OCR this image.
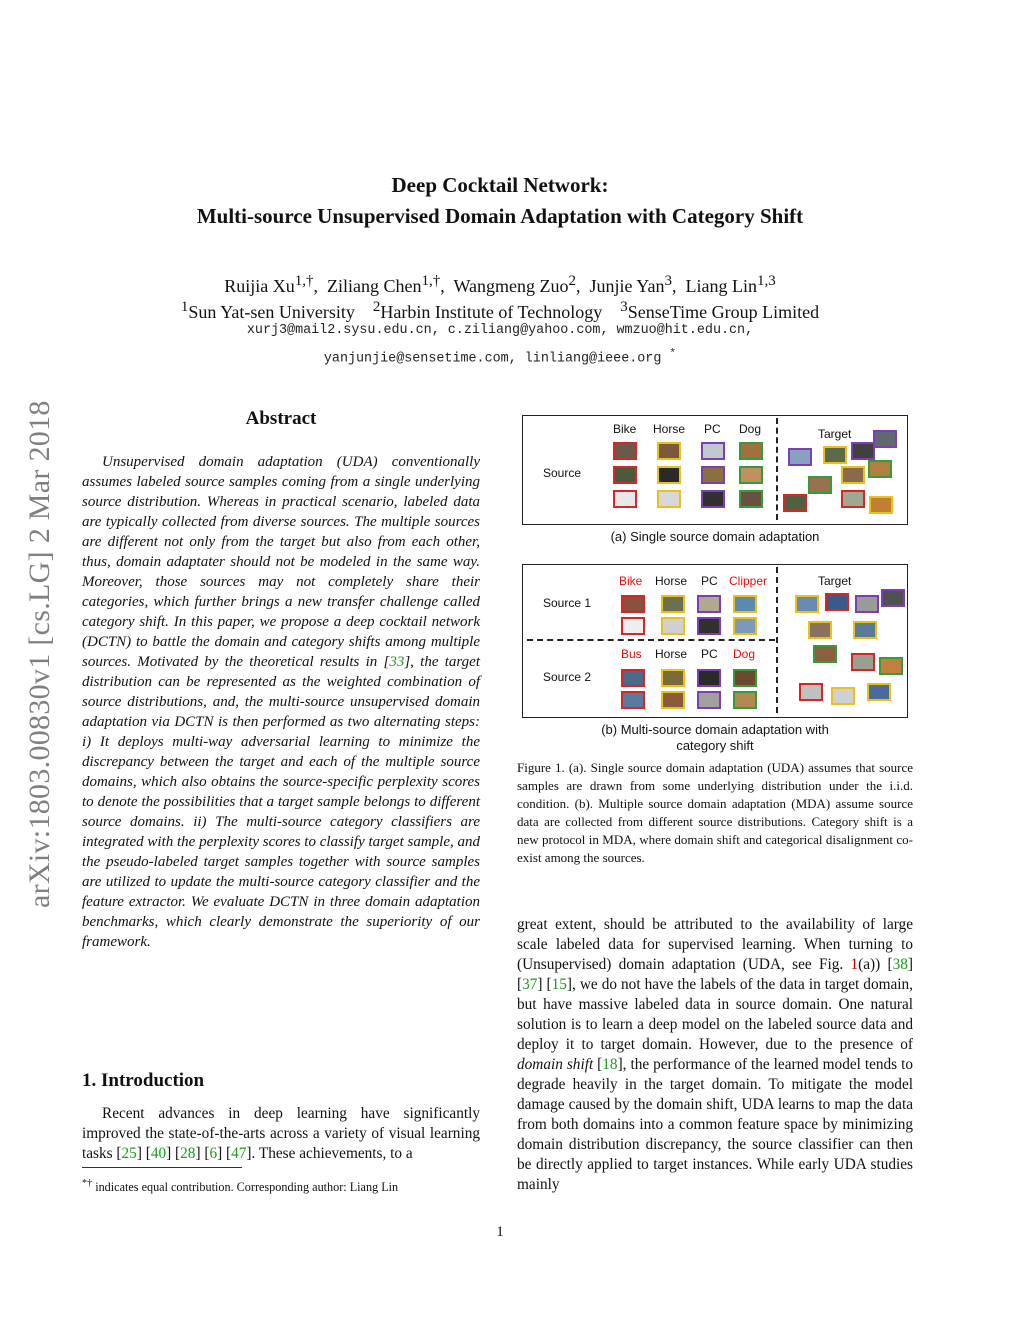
Deep Cocktail Network:
Multi-source Unsupervised Domain Adaptation with Category Shift
Ruijia $Xu^{1,\dagger}$,  Ziliang Chen$^{1,\dagger}$,  Wangmeng Zuo$^2$,  Junjie Yan$^3$,  Liang Lin$^{1,3}$
$^1$Sun Yat-sen University $^2$Harbin Institute of Technology $^3$SenseTime Group Limited
xurj3@mail2.sysu.edu.cn, c.ziliang@yahoo.com, wmzuo@hit.edu.cn,
yanjunjie@sensetime.com, linliang@ieee.org *
arXiv:1803.00830v1 [cs.LG] 2 Mar 2018	Abstract

Unsupervised domain adaptation (UDA) conventionally assumes labeled source samples coming from a single underlying source distribution. Whereas in practical scenario, labeled data are typically collected from diverse sources. The multiple sources are different not only from the target but also from each other, thus, domain adaptater should not be modeled in the same way. Moreover, those sources may not completely share their categories, which further brings a new transfer challenge called category shift. In this paper, we propose a deep cocktail network (DCTN) to battle the domain and category shifts among multiple sources. Motivated by the theoretical results in [33], the target distribution can be represented as the weighted combination of source distributions, and, the multi-source unsupervised domain adaptation via DCTN is then performed as two alternating steps: i) It deploys multi-way adversarial learning to minimize the discrepancy between the target and each of the multiple source domains, which also obtains the source-specific perplexity scores to denote the possibilities that a target sample belongs to different source domains. ii) The multi-source category classifiers are integrated with the perplexity scores to classify target sample, and the pseudo-labeled target samples together with source samples are utilized to update the multi-source category classifier and the feature extractor. We evaluate DCTN in three domain adaptation benchmarks, which clearly demonstrate the superiority of our framework.

1. Introduction

Recent advances in deep learning have significantly improved the state-of-the-arts across a variety of visual learning tasks [25] [40] [28] [6] [47]. These achievements, to a

great extent, should be attributed to the availability of large scale labeled data for supervised learning. When turning to (Unsupervised) domain adaptation (UDA, see Fig. 1(a)) [38] [37] [15], we do not have the labels of the data in target domain, but have massive labeled data in source domain. One natural solution is to learn a deep model on the labeled source data and deploy it to target domain. However, due to the presence of domain shift [18], the performance of the learned model tends to degrade heavily in the target domain. To mitigate the model damage caused by the domain shift, UDA learns to map the data from both domains into a common feature space by minimizing domain distribution discrepancy, the source classifier can then be directly applied to target instances. While early UDA studies mainly

*† indicates equal contribution. Corresponding author: Liang Lin
1
Source
Bike Horse PC Dog	Target
(a) Single source domain adaptation
Source 1
Source 2
Bike Horse PC Clipper
Bus Horse PC Dog
Target
(b) Multi-source domain adaptation with
category shift

Figure 1. (a). Single source domain adaptation (UDA) assumes that source samples are drawn from some underlying distribution under the i.i.d. condition. (b). Multiple source domain adaptation (MDA) assume source data are collected from different source distributions. Category shift is a new protocol in MDA, where domain shift and categorical disalignment co-exist among the sources.
